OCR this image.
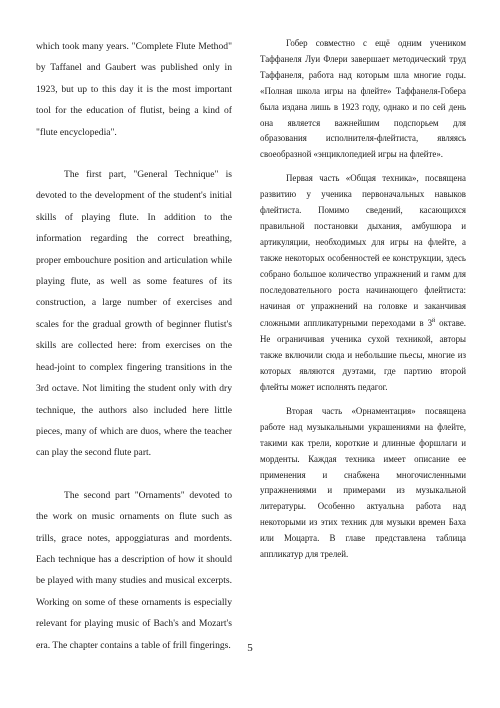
which took many years. "Complete Flute Method" by Taffanel and Gaubert was published only in 1923, but up to this day it is the most important tool for the education of flutist, being a kind of "flute encyclopedia".

The first part, "General Technique" is devoted to the development of the student's initial skills of playing flute. In addition to the information regarding the correct breathing, proper embouchure position and articulation while playing flute, as well as some features of its construction, a large number of exercises and scales for the gradual growth of beginner flutist's skills are collected here: from exercises on the head-joint to complex fingering transitions in the 3rd octave. Not limiting the student only with dry technique, the authors also included here little pieces, many of which are duos, where the teacher can play the second flute part.

The second part "Ornaments" devoted to the work on music ornaments on flute such as trills, grace notes, appoggiaturas and mordents. Each technique has a description of how it should be played with many studies and musical excerpts. Working on some of these ornaments is especially relevant for playing music of Bach's and Mozart's era. The chapter contains a table of frill fingerings.

Гобер совместно с ещё одним учеником Таффанеля Луи Флери завершает методический труд Таффанеля, работа над которым шла многие годы. «Полная школа игры на флейте» Таффанеля-Гобера была издана лишь в 1923 году, однако и по сей день она является важнейшим подспорьем для образования исполнителя-флейтиста, являясь своеобразной «энциклопедией игры на флейте».

Первая часть «Общая техника», посвящена развитию у ученика первоначальных навыков флейтиста. Помимо сведений, касающихся правильной постановки дыхания, амбушюра и артикуляции, необходимых для игры на флейте, а также некоторых особенностей ее конструкции, здесь собрано большое количество упражнений и гамм для последовательного роста начинающего флейтиста: начиная от упражнений на головке и заканчивая сложными аппликатурными переходами в $3^й$ октаве. Не ограничивая ученика сухой техникой, авторы также включили сюда и небольшие пьесы, многие из которых являются дуэтами, где партию второй флейты может исполнять педагог.

Вторая часть «Орнаментация» посвящена работе над музыкальными украшениями на флейте, такими как трели, короткие и длинные форшлаги и морденты. Каждая техника имеет описание ее применения и снабжена многочисленными упражнениями и примерами из музыкальной литературы. Особенно актуальна работа над некоторыми из этих техник для музыки времен Баха или Моцарта. В главе представлена таблица аппликатур для трелей.

5
